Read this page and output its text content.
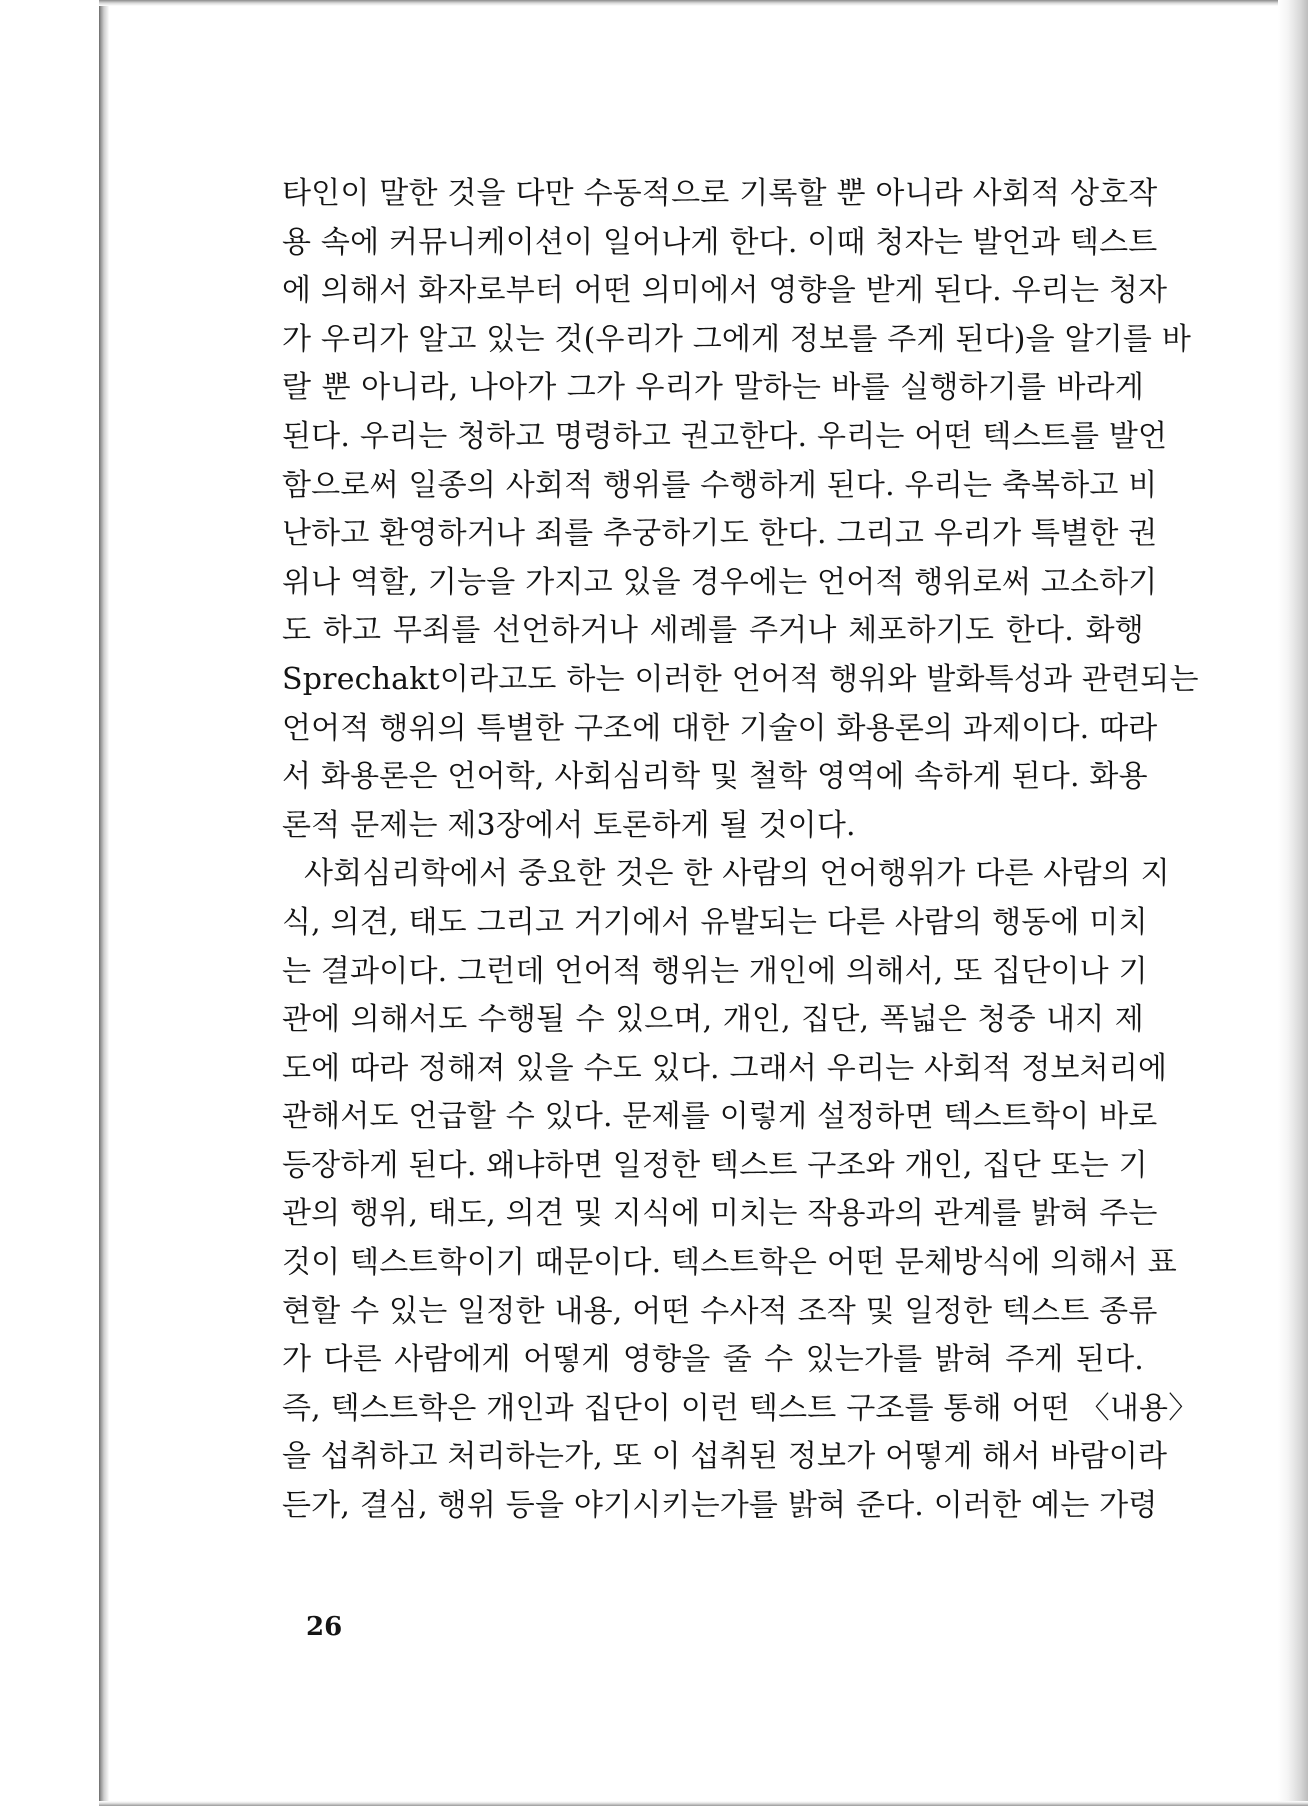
타인이 말한 것을 다만 수동적으로 기록할 뿐 아니라 사회적 상호작
용 속에 커뮤니케이션이 일어나게 한다. 이때 청자는 발언과 텍스트
에 의해서 화자로부터 어떤 의미에서 영향을 받게 된다. 우리는 청자
가 우리가 알고 있는 것(우리가 그에게 정보를 주게 된다)을 알기를 바
랄 뿐 아니라, 나아가 그가 우리가 말하는 바를 실행하기를 바라게
된다. 우리는 청하고 명령하고 권고한다. 우리는 어떤 텍스트를 발언
함으로써 일종의 사회적 행위를 수행하게 된다. 우리는 축복하고 비
난하고 환영하거나 죄를 추궁하기도 한다. 그리고 우리가 특별한 권
위나 역할, 기능을 가지고 있을 경우에는 언어적 행위로써 고소하기
도 하고 무죄를 선언하거나 세례를 주거나 체포하기도 한다. 화행
Sprechakt이라고도 하는 이러한 언어적 행위와 발화특성과 관련되는
언어적 행위의 특별한 구조에 대한 기술이 화용론의 과제이다. 따라
서 화용론은 언어학, 사회심리학 및 철학 영역에 속하게 된다. 화용
론적 문제는 제3장에서 토론하게 될 것이다.
사회심리학에서 중요한 것은 한 사람의 언어행위가 다른 사람의 지
식, 의견, 태도 그리고 거기에서 유발되는 다른 사람의 행동에 미치
는 결과이다. 그런데 언어적 행위는 개인에 의해서, 또 집단이나 기
관에 의해서도 수행될 수 있으며, 개인, 집단, 폭넓은 청중 내지 제
도에 따라 정해져 있을 수도 있다. 그래서 우리는 사회적 정보처리에
관해서도 언급할 수 있다. 문제를 이렇게 설정하면 텍스트학이 바로
등장하게 된다. 왜냐하면 일정한 텍스트 구조와 개인, 집단 또는 기
관의 행위, 태도, 의견 및 지식에 미치는 작용과의 관계를 밝혀 주는
것이 텍스트학이기 때문이다. 텍스트학은 어떤 문체방식에 의해서 표
현할 수 있는 일정한 내용, 어떤 수사적 조작 및 일정한 텍스트 종류
가 다른 사람에게 어떻게 영향을 줄 수 있는가를 밝혀 주게 된다.
즉, 텍스트학은 개인과 집단이 이런 텍스트 구조를 통해 어떤 〈내용〉
을 섭취하고 처리하는가, 또 이 섭취된 정보가 어떻게 해서 바람이라
든가, 결심, 행위 등을 야기시키는가를 밝혀 준다. 이러한 예는 가령
26
